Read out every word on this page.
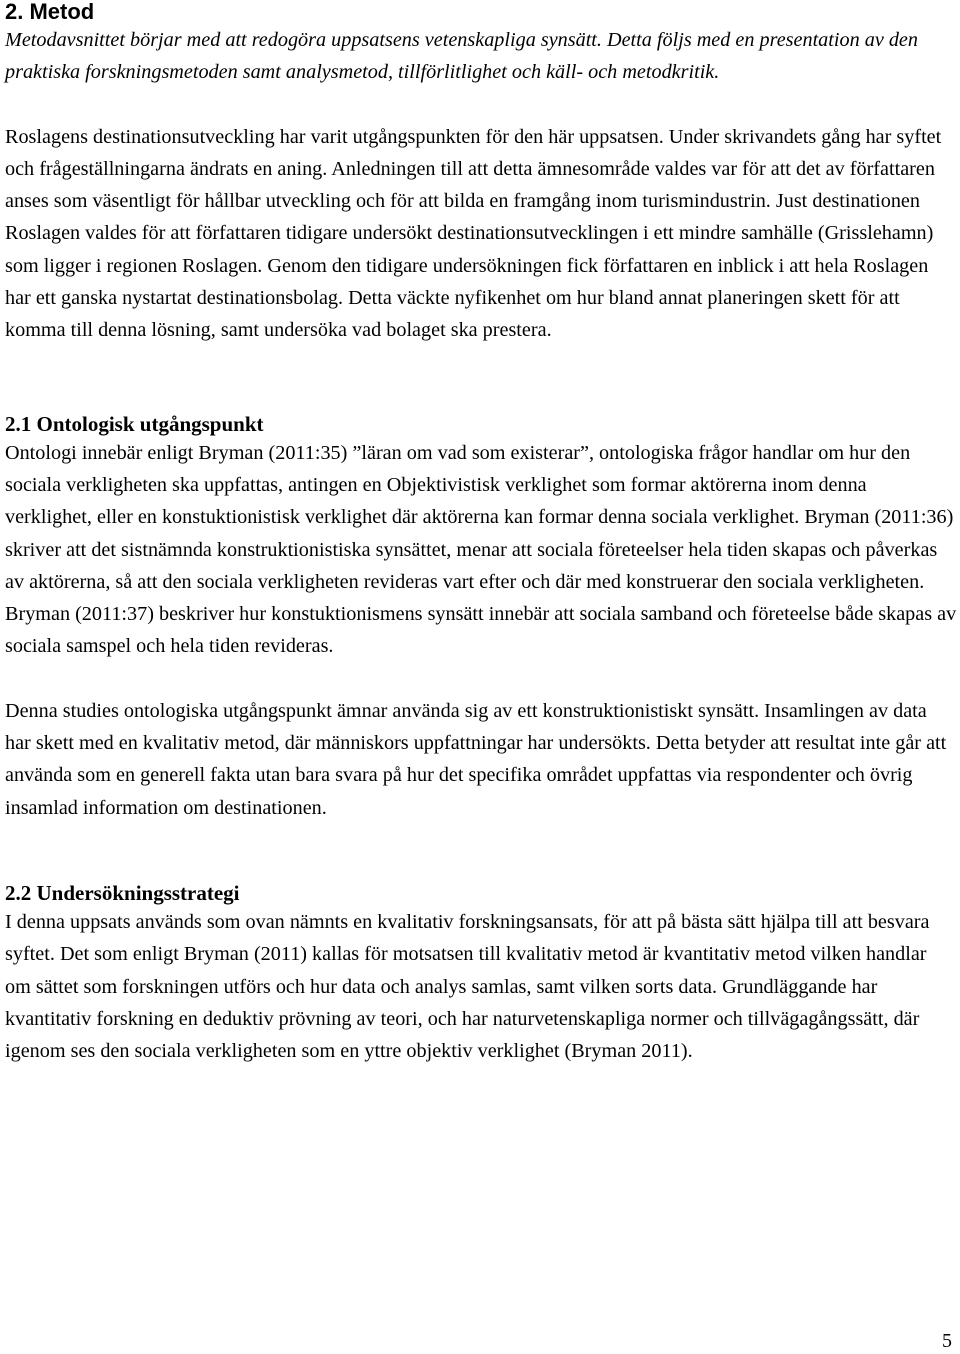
2. Metod

Metodavsnittet börjar med att redogöra uppsatsens vetenskapliga synsätt. Detta följs med en presentation av den praktiska forskningsmetoden samt analysmetod, tillförlitlighet och käll- och metodkritik.

Roslagens destinationsutveckling har varit utgångspunkten för den här uppsatsen. Under skrivandets gång har syftet och frågeställningarna ändrats en aning. Anledningen till att detta ämnesområde valdes var för att det av författaren anses som väsentligt för hållbar utveckling och för att bilda en framgång inom turismindustrin. Just destinationen Roslagen valdes för att författaren tidigare undersökt destinationsutvecklingen i ett mindre samhälle (Grisslehamn) som ligger i regionen Roslagen. Genom den tidigare undersökningen fick författaren en inblick i att hela Roslagen har ett ganska nystartat destinationsbolag. Detta väckte nyfikenhet om hur bland annat planeringen skett för att komma till denna lösning, samt undersöka vad bolaget ska prestera.

2.1 Ontologisk utgångspunkt

Ontologi innebär enligt Bryman (2011:35) ”läran om vad som existerar”, ontologiska frågor handlar om hur den sociala verkligheten ska uppfattas, antingen en Objektivistisk verklighet som formar aktörerna inom denna verklighet, eller en konstuktionistisk verklighet där aktörerna kan formar denna sociala verklighet. Bryman (2011:36) skriver att det sistnämnda konstruktionistiska synsättet, menar att sociala företeelser hela tiden skapas och påverkas av aktörerna, så att den sociala verkligheten revideras vart efter och där med konstruerar den sociala verkligheten. Bryman (2011:37) beskriver hur konstuktionismens synsätt innebär att sociala samband och företeelse både skapas av sociala samspel och hela tiden revideras.

Denna studies ontologiska utgångspunkt ämnar använda sig av ett konstruktionistiskt synsätt. Insamlingen av data har skett med en kvalitativ metod, där människors uppfattningar har undersökts. Detta betyder att resultat inte går att använda som en generell fakta utan bara svara på hur det specifika området uppfattas via respondenter och övrig insamlad information om destinationen.

2.2 Undersökningsstrategi

I denna uppsats används som ovan nämnts en kvalitativ forskningsansats, för att på bästa sätt hjälpa till att besvara syftet. Det som enligt Bryman (2011) kallas för motsatsen till kvalitativ metod är kvantitativ metod vilken handlar om sättet som forskningen utförs och hur data och analys samlas, samt vilken sorts data. Grundläggande har kvantitativ forskning en deduktiv prövning av teori, och har naturvetenskapliga normer och tillvägagångssätt, där igenom ses den sociala verkligheten som en yttre objektiv verklighet (Bryman 2011).

5
